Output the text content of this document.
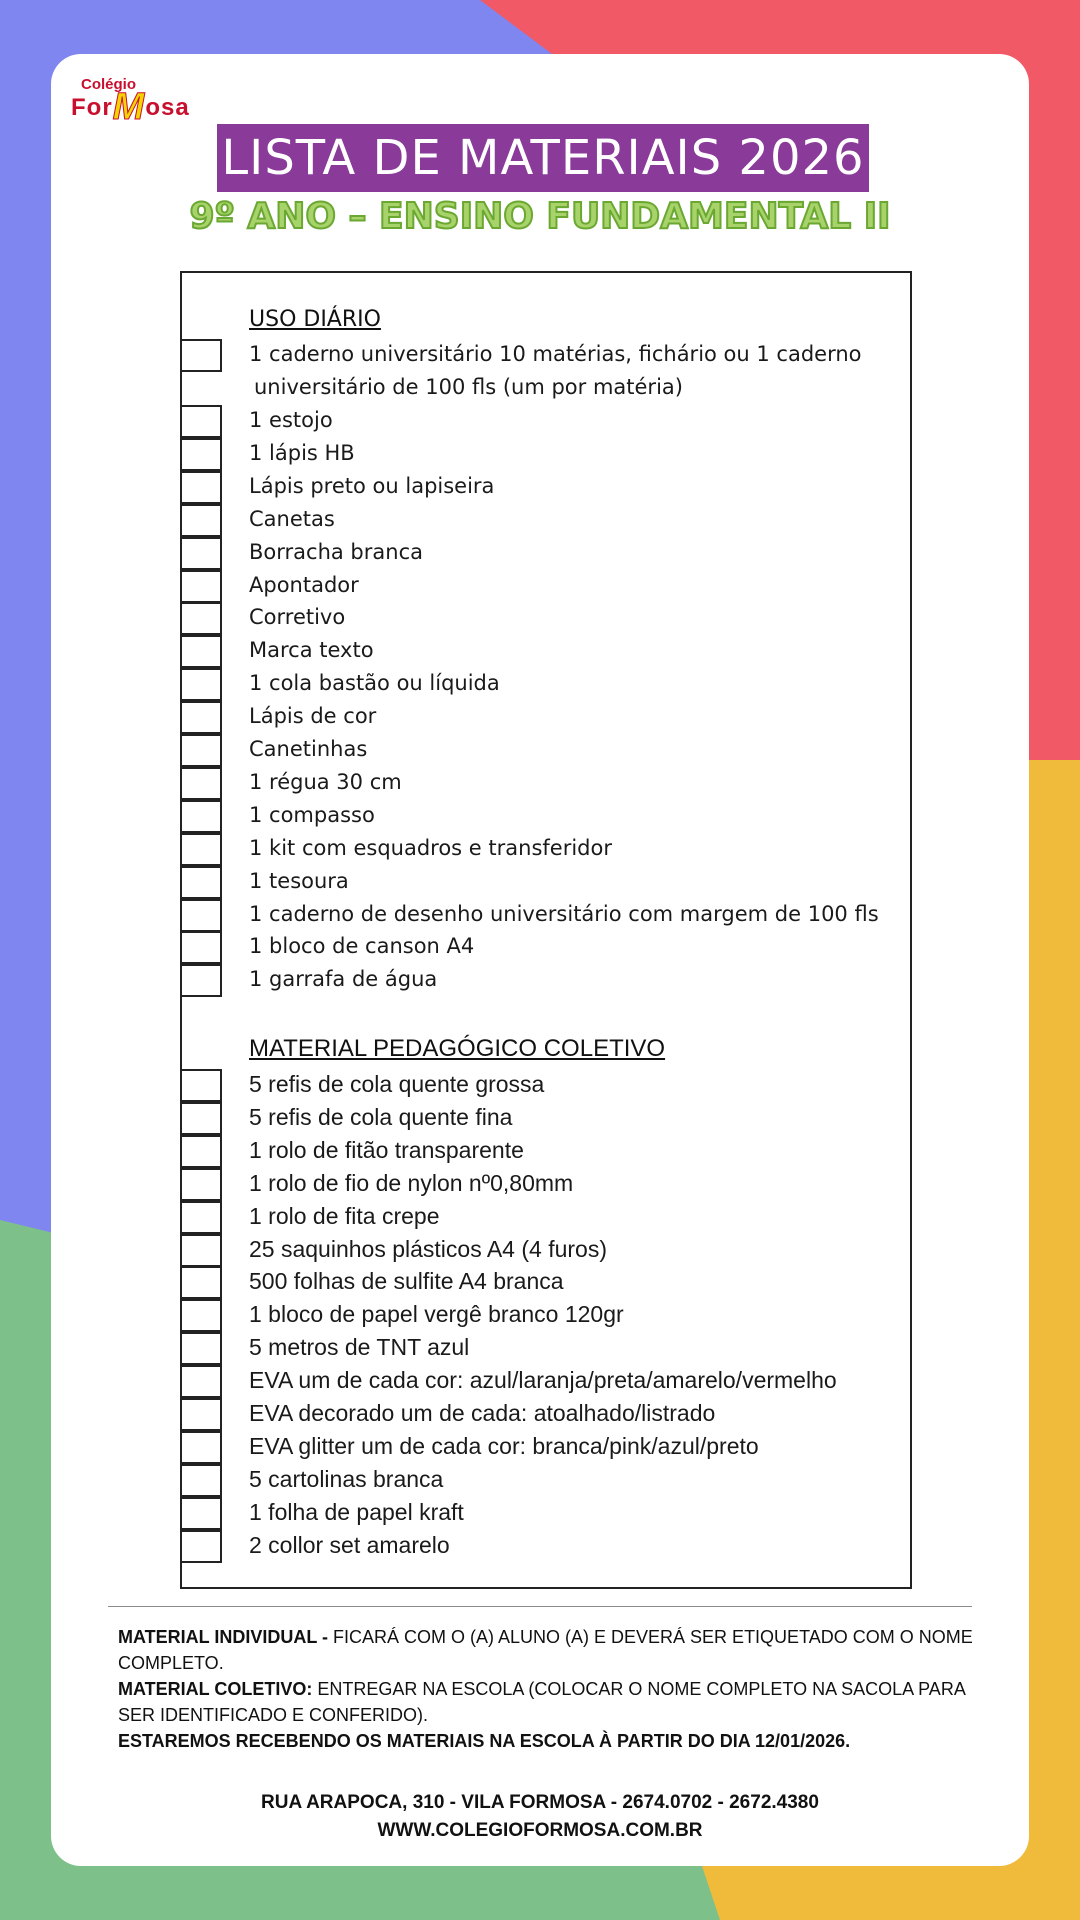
Colégio
ForMosa
LISTA DE MATERIAIS 2026
9º ANO – ENSINO FUNDAMENTAL II
USO DIÁRIO
1 caderno universitário 10 matérias, fichário ou 1 caderno
universitário de 100 fls (um por matéria)
1 estojo
1 lápis HB
Lápis preto ou lapiseira
Canetas
Borracha branca
Apontador
Corretivo
Marca texto
1 cola bastão ou líquida
Lápis de cor
Canetinhas
1 régua 30 cm
1 compasso
1 kit com esquadros e transferidor
1 tesoura
1 caderno de desenho universitário com margem de 100 fls
1 bloco de canson A4
1 garrafa de água
MATERIAL PEDAGÓGICO COLETIVO
5 refis de cola quente grossa
5 refis de cola quente fina
1 rolo de fitão transparente
1 rolo de fio de nylon nº0,80mm
1 rolo de fita crepe
25 saquinhos plásticos A4 (4 furos)
500 folhas de sulfite A4 branca
1 bloco de papel vergê branco 120gr
5 metros de TNT azul
EVA um de cada cor: azul/laranja/preta/amarelo/vermelho
EVA decorado um de cada: atoalhado/listrado
EVA glitter um de cada cor: branca/pink/azul/preto
5 cartolinas branca
1 folha de papel kraft
2 collor set amarelo

MATERIAL INDIVIDUAL - FICARÁ COM O (A) ALUNO (A) E DEVERÁ SER ETIQUETADO COM O NOME COMPLETO.

MATERIAL COLETIVO: ENTREGAR NA ESCOLA (COLOCAR O NOME COMPLETO NA SACOLA PARA SER IDENTIFICADO E CONFERIDO).

ESTAREMOS RECEBENDO OS MATERIAIS NA ESCOLA À PARTIR DO DIA 12/01/2026.

RUA ARAPOCA, 310 - VILA FORMOSA - 2674.0702 - 2672.4380
WWW.COLEGIOFORMOSA.COM.BR
